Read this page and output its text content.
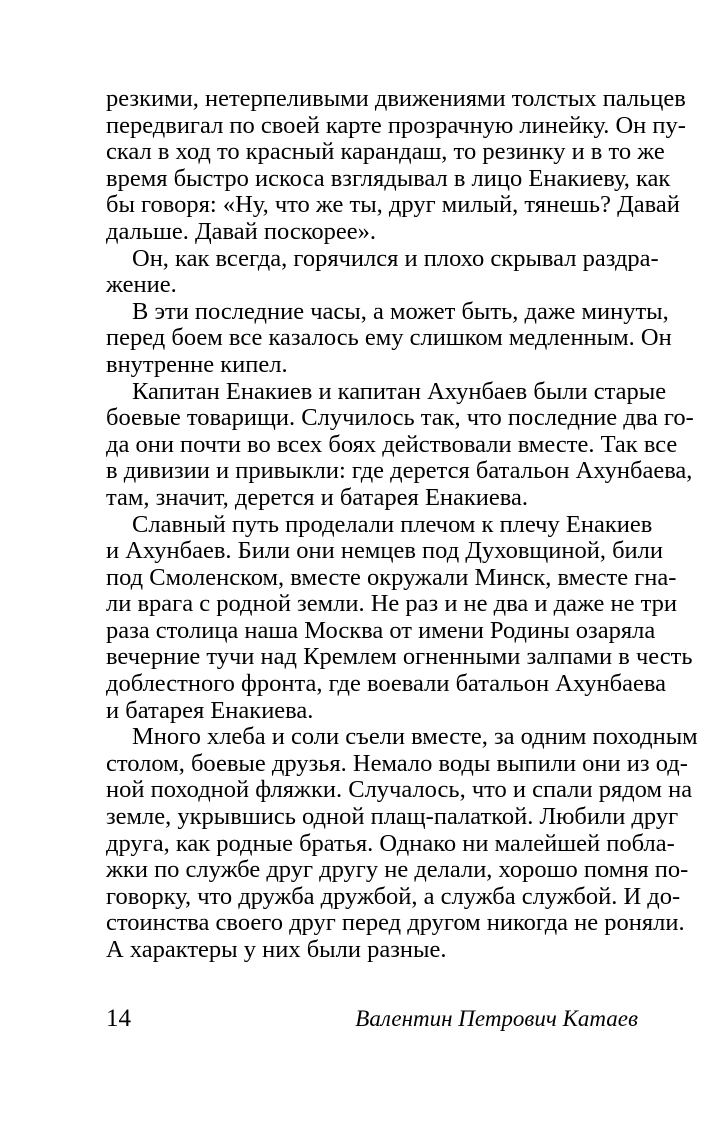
резкими, нетерпеливыми движениями толстых пальцев
передвигал по своей карте прозрачную линейку. Он пу-
скал в ход то красный карандаш, то резинку и в то же
время быстро искоса взглядывал в лицо Енакиеву, как
бы говоря: «Ну, что же ты, друг милый, тянешь? Давай
дальше. Давай поскорее».
Он, как всегда, горячился и плохо скрывал раздра-
жение.
В эти последние часы, а может быть, даже минуты,
перед боем все казалось ему слишком медленным. Он
внутренне кипел.
Капитан Енакиев и капитан Ахунбаев были старые
боевые товарищи. Случилось так, что последние два го-
да они почти во всех боях действовали вместе. Так все
в дивизии и привыкли: где дерется батальон Ахунбаева,
там, значит, дерется и батарея Енакиева.
Славный путь проделали плечом к плечу Енакиев
и Ахунбаев. Били они немцев под Духовщиной, били
под Смоленском, вместе окружали Минск, вместе гна-
ли врага с родной земли. Не раз и не два и даже не три
раза столица наша Москва от имени Родины озаряла
вечерние тучи над Кремлем огненными залпами в честь
доблестного фронта, где воевали батальон Ахунбаева
и батарея Енакиева.
Много хлеба и соли съели вместе, за одним походным
столом, боевые друзья. Немало воды выпили они из од-
ной походной фляжки. Случалось, что и спали рядом на
земле, укрывшись одной плащ-палаткой. Любили друг
друга, как родные братья. Однако ни малейшей побла-
жки по службе друг другу не делали, хорошо помня по-
говорку, что дружба дружбой, а служба службой. И до-
стоинства своего друг перед другом никогда не роняли.
А характеры у них были разные.
14	Валентин Петрович Катаев
